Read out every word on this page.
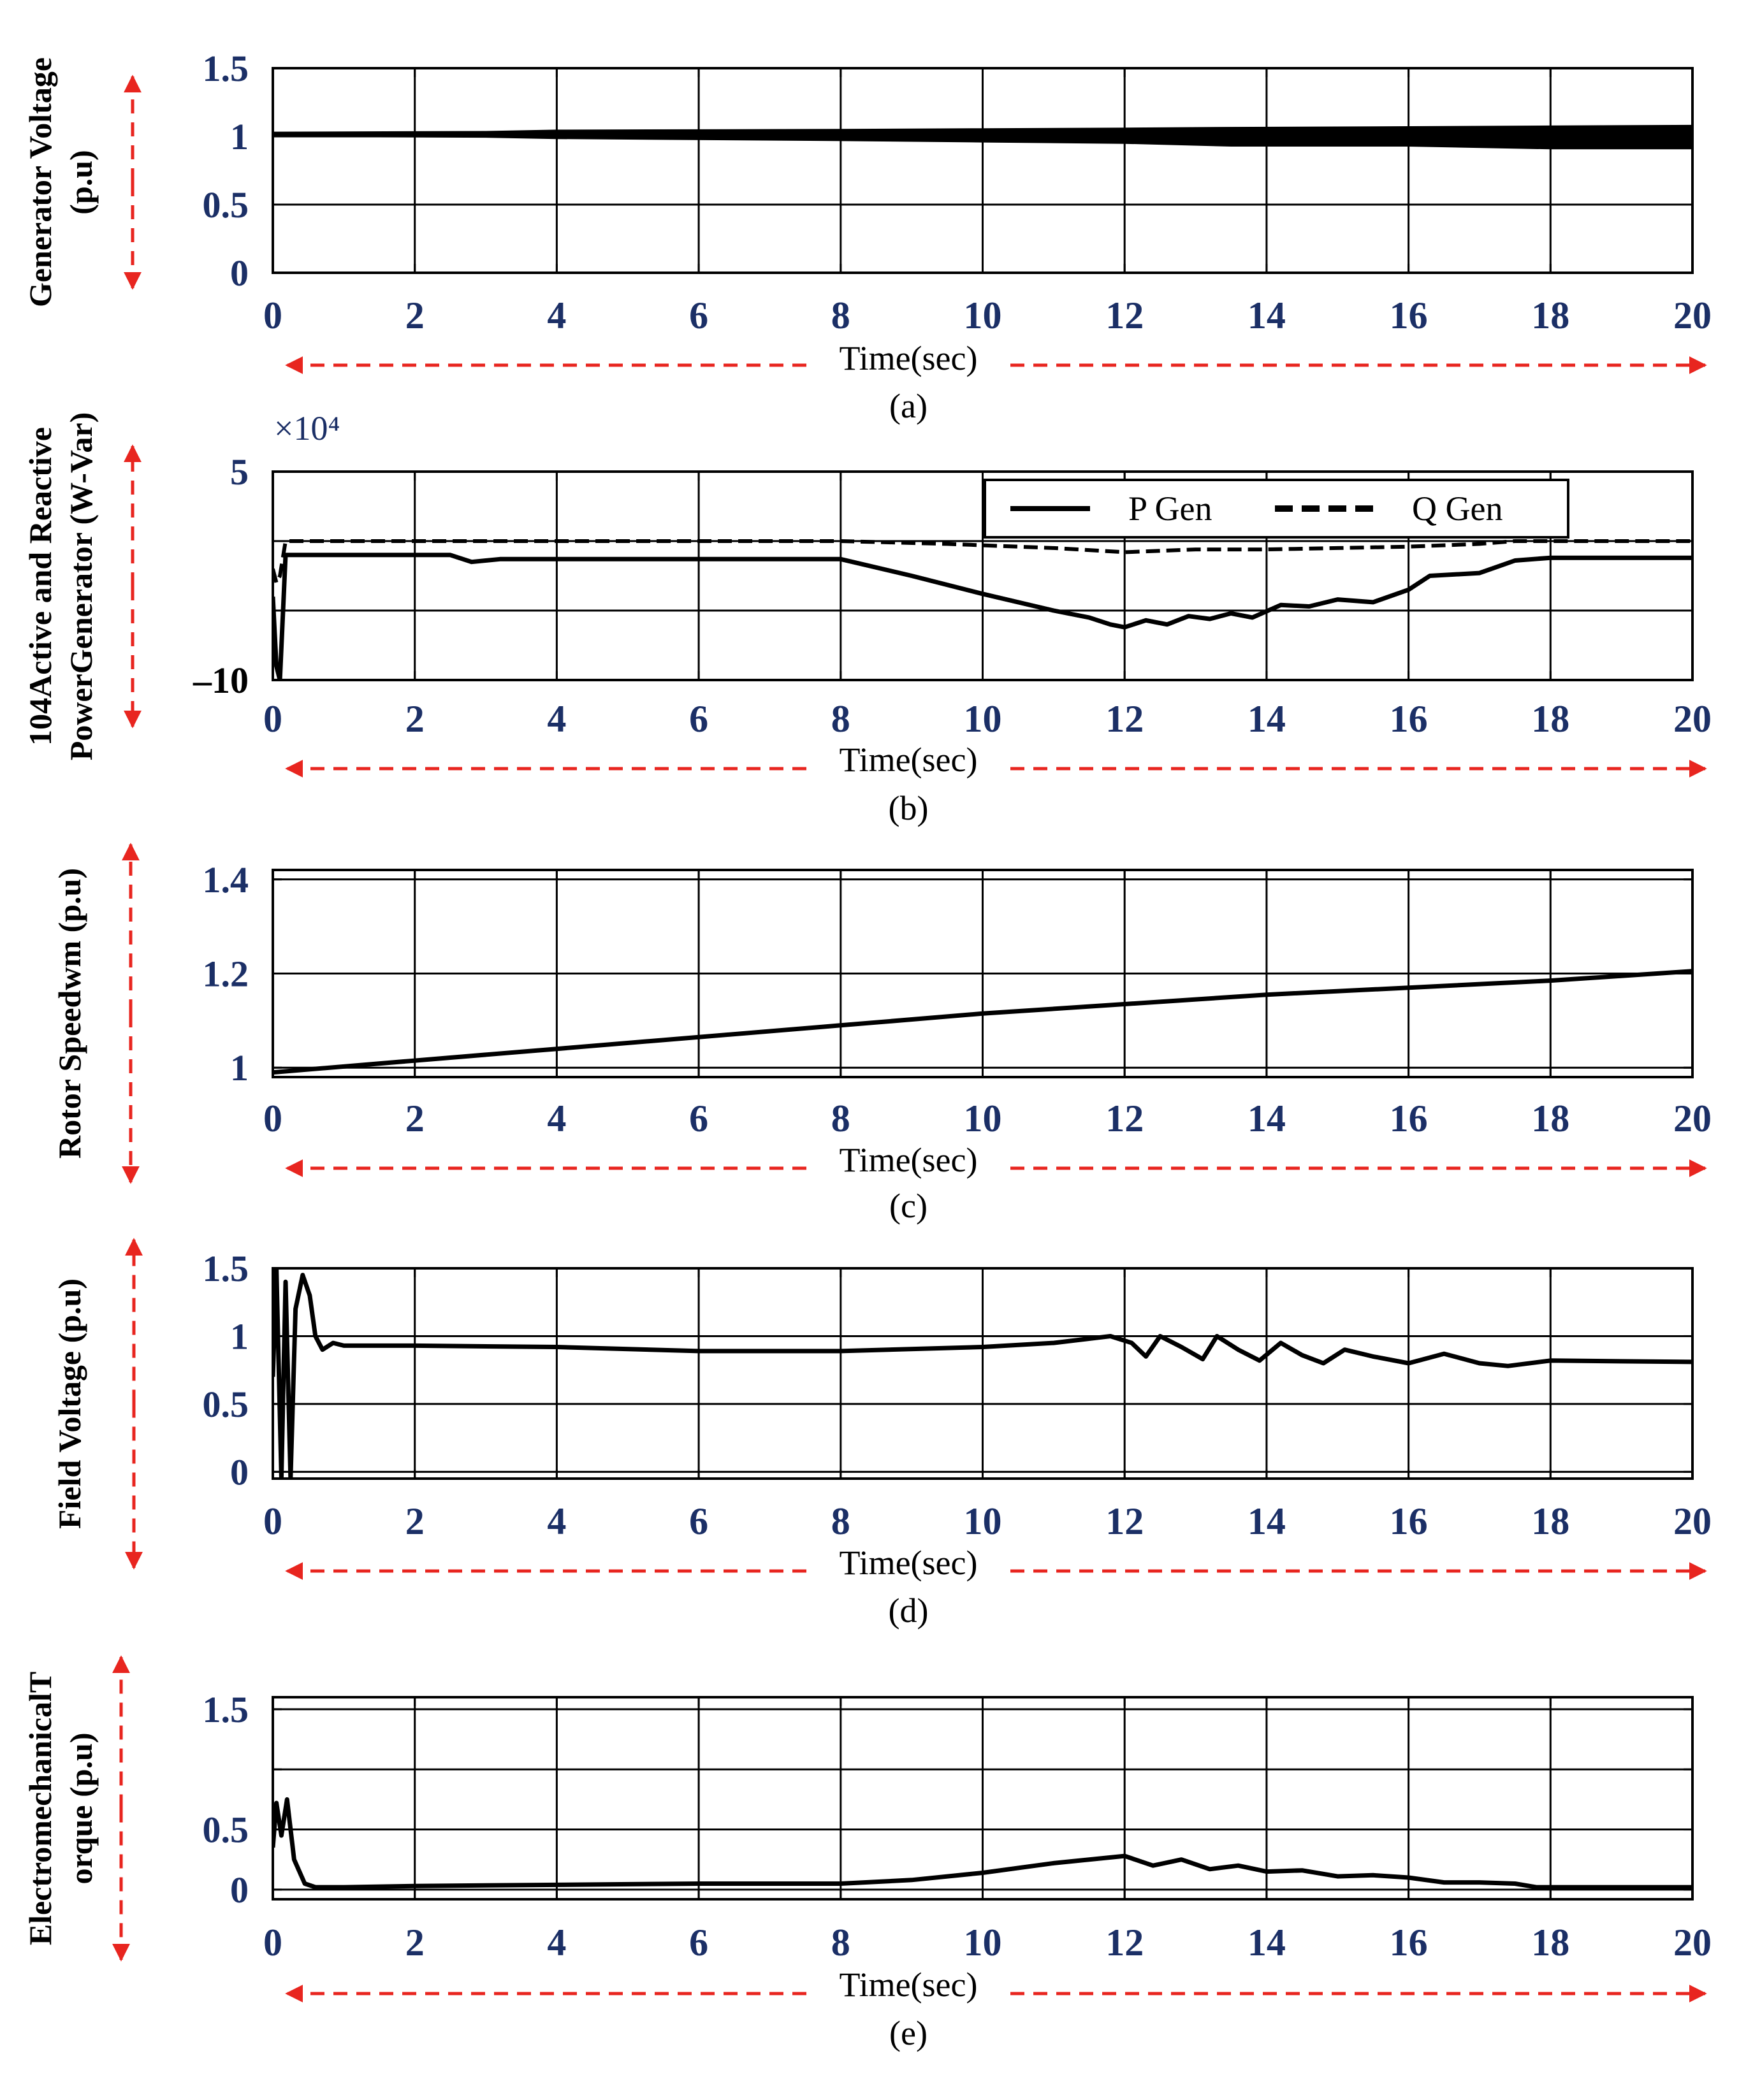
0	2	4	6	8	10	12	14	16	18	20
0
0.5
1
1.5
Time(sec)
(a)
Generator Voltage (p.u)
0	2	4	6	8	10	12	14	16	18	20
–10
5
×10⁴
P Gen	Q Gen
Time(sec)
(b)
104Active and Reactive PowerGenerator (W-Var)
0	2	4	6	8	10	12	14	16	18	20
1
1.2
1.4
Time(sec)
(c)
Rotor Speedwm (p.u)
0	2	4	6	8	10	12	14	16	18	20
0
0.5
1
1.5
Time(sec)
(d)
Field Voltage (p.u)
0	2	4	6	8	10	12	14	16	18	20
0
0.5
1.5
Time(sec)
(e)
ElectromechanicalT orque (p.u)
